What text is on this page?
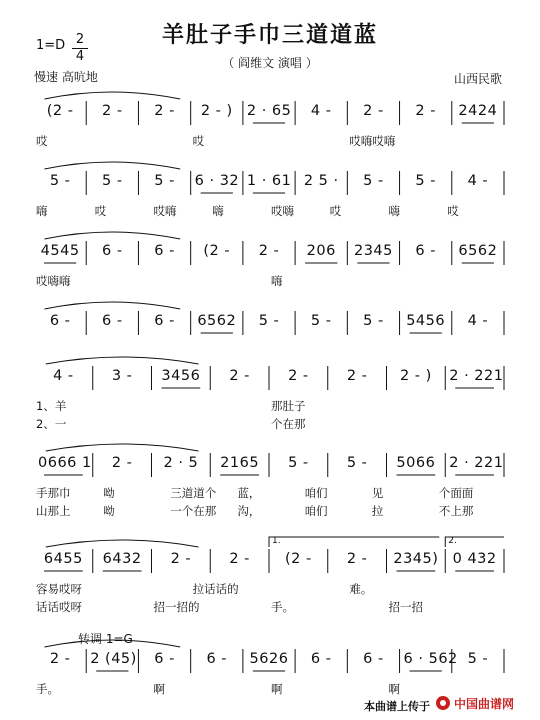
羊肚子手巾三道道蓝
（ 阎维文 演唱 ）
山西民歌
1=D 2
4
慢速 高吭地
转调 1=G
(2 -	2 -	2 -	2 - ) 2 · 65	4 -	2 -	2 -	2424
哎	哎	哎嗨哎嗨
5 -	5 -	5 -	6 · 32 1 · 61 2 5 ·	5 -	5 -	4 -
嗨	哎	哎嗨	嗨	哎嗨	哎	嗨	哎
4545	6 -	6 -	(2 -	2 -	206	2345	6 -	6562
哎嗨嗨	嗨
6 -	6 -	6 -	6562	5 -	5 -	5 -	5456	4 -
4 -	3 -	3456	2 -	2 -	2 -	2 - )	2 · 221
1、羊	那肚子
2、一	个在那
0666 1	2 -	2 · 5	2165	5 -	5 -	5066 2 · 221
手那巾	呦	三道道个 蓝，	咱们	见	个面面
山那上	呦	一个在那 沟，	咱们	拉	不上那
6455	6432	2 -	2 -	(2 -	2 -	2345) 0 432
1.	2.
容易哎呀	拉话话的	难。
话话哎呀	招一招的	手。	招一招
2 -	2 (45)	6 -	6 -	5626	6 -	6 -	6 · 562 5 -
手。	啊	啊	啊
本曲谱上传于 中国曲谱网
